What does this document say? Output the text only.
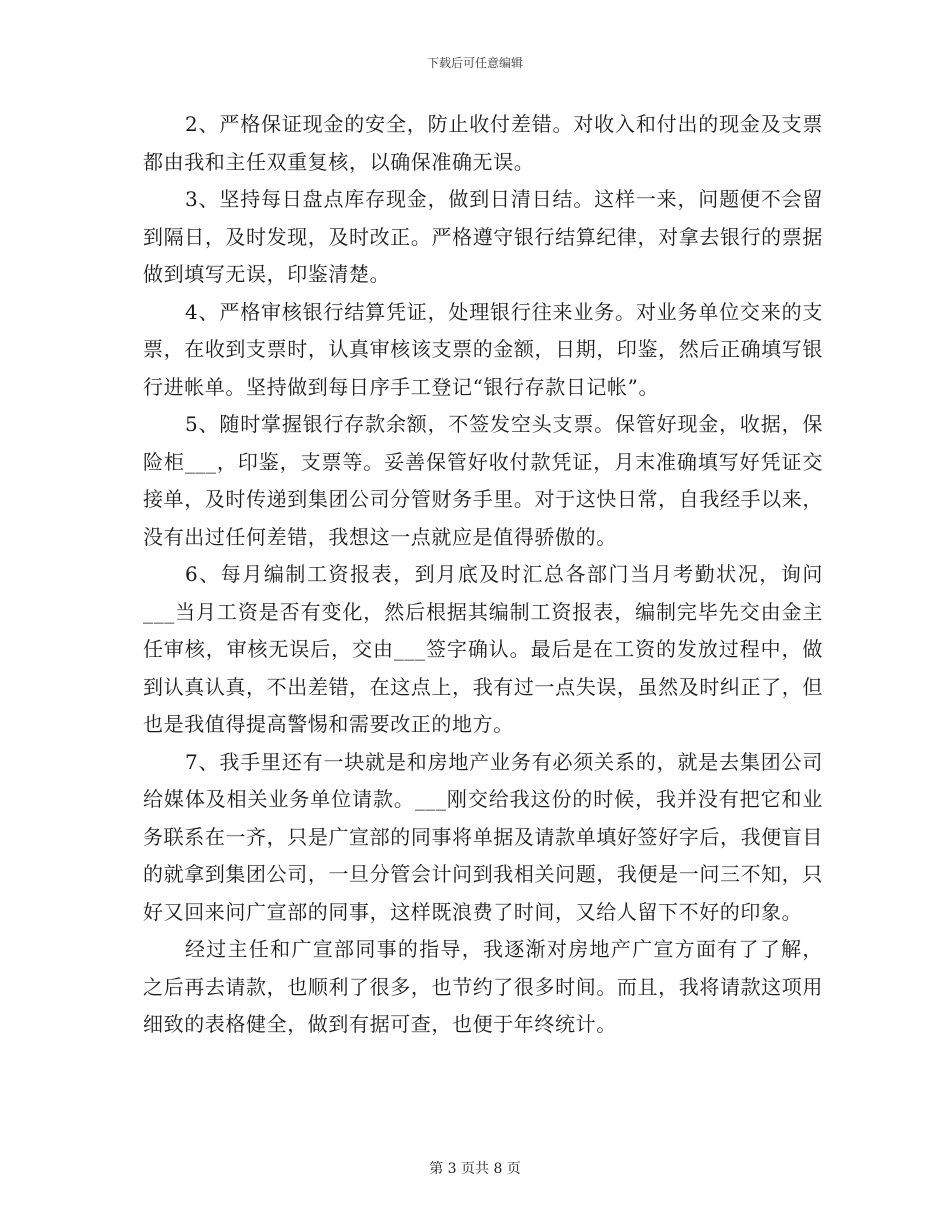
下载后可任意编辑

2、严格保证现金的安全，防止收付差错。对收入和付出的现金及支票都由我和主任双重复核，以确保准确无误。

3、坚持每日盘点库存现金，做到日清日结。这样一来，问题便不会留到隔日，及时发现，及时改正。严格遵守银行结算纪律，对拿去银行的票据做到填写无误，印鉴清楚。

4、严格审核银行结算凭证，处理银行往来业务。对业务单位交来的支票，在收到支票时，认真审核该支票的金额，日期，印鉴，然后正确填写银行进帐单。坚持做到每日序手工登记“银行存款日记帐”。

5、随时掌握银行存款余额，不签发空头支票。保管好现金，收据，保险柜___，印鉴，支票等。妥善保管好收付款凭证，月末准确填写好凭证交接单，及时传递到集团公司分管财务手里。对于这快日常，自我经手以来，没有出过任何差错，我想这一点就应是值得骄傲的。

6、每月编制工资报表，到月底及时汇总各部门当月考勤状况，询问___当月工资是否有变化，然后根据其编制工资报表，编制完毕先交由金主任审核，审核无误后，交由___签字确认。最后是在工资的发放过程中，做到认真认真，不出差错，在这点上，我有过一点失误，虽然及时纠正了，但也是我值得提高警惕和需要改正的地方。

7、我手里还有一块就是和房地产业务有必须关系的，就是去集团公司给媒体及相关业务单位请款。___刚交给我这份的时候，我并没有把它和业务联系在一齐，只是广宣部的同事将单据及请款单填好签好字后，我便盲目的就拿到集团公司，一旦分管会计问到我相关问题，我便是一问三不知，只好又回来问广宣部的同事，这样既浪费了时间，又给人留下不好的印象。

经过主任和广宣部同事的指导，我逐渐对房地产广宣方面有了了解，之后再去请款，也顺利了很多，也节约了很多时间。而且，我将请款这项用细致的表格健全，做到有据可查，也便于年终统计。

第 3 页共 8 页
